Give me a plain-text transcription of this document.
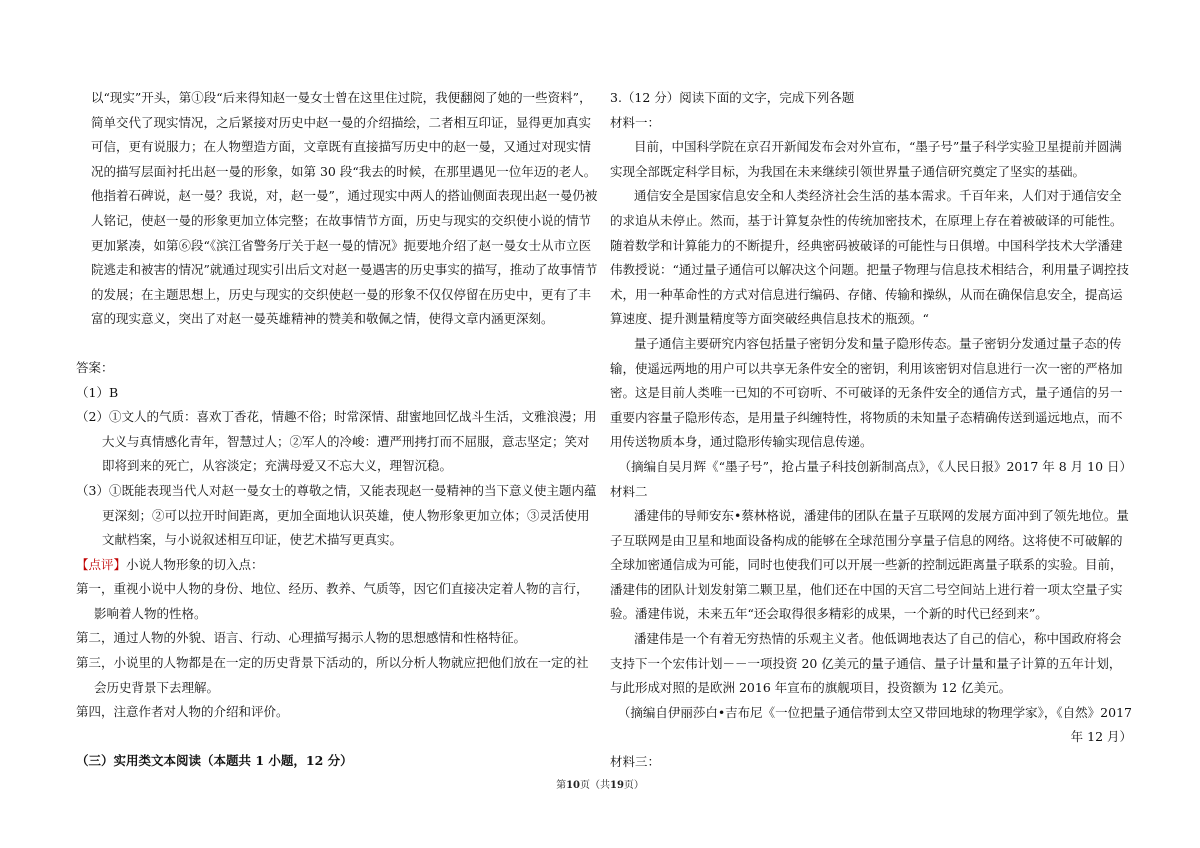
以“现实”开头，第①段“后来得知赵一曼女士曾在这里住过院，我便翻阅了她的一些资料”，简单交代了现实情况，之后紧接对历史中赵一曼的介绍描绘，二者相互印证，显得更加真实可信，更有说服力；在人物塑造方面，文章既有直接描写历史中的赵一曼，又通过对现实情况的描写层面衬托出赵一曼的形象，如第 30 段“我去的时候，在那里遇见一位年迈的老人。他指着石碑说，赵一曼？我说，对，赵一曼”，通过现实中两人的搭讪侧面表现出赵一曼仍被人铭记，使赵一曼的形象更加立体完整；在故事情节方面，历史与现实的交织使小说的情节更加紧凑，如第⑥段“《滨江省警务厅关于赵一曼的情况》扼要地介绍了赵一曼女士从市立医院逃走和被害的情况”就通过现实引出后文对赵一曼遇害的历史事实的描写，推动了故事情节的发展；在主题思想上，历史与现实的交织使赵一曼的形象不仅仅停留在历史中，更有了丰富的现实意义，突出了对赵一曼英雄精神的赞美和敬佩之情，使得文章内涵更深刻。

答案：

（1）B

（2）①文人的气质：喜欢丁香花，情趣不俗；时常深情、甜蜜地回忆战斗生活，文雅浪漫；用大义与真情感化青年，智慧过人；②军人的冷峻：遭严刑拷打而不屈服，意志坚定；笑对即将到来的死亡，从容淡定；充满母爱又不忘大义，理智沉稳。

（3）①既能表现当代人对赵一曼女士的尊敬之情，又能表现赵一曼精神的当下意义使主题内蕴更深刻；②可以拉开时间距离，更加全面地认识英雄，使人物形象更加立体；③灵活使用文献档案，与小说叙述相互印证，使艺术描写更真实。

【点评】小说人物形象的切入点：

第一，重视小说中人物的身份、地位、经历、教养、气质等，因它们直接决定着人物的言行，影响着人物的性格。

第二，通过人物的外貌、语言、行动、心理描写揭示人物的思想感情和性格特征。

第三，小说里的人物都是在一定的历史背景下活动的，所以分析人物就应把他们放在一定的社会历史背景下去理解。

第四，注意作者对人物的介绍和评价。

（三）实用类文本阅读（本题共 1 小题，12 分）

3.（12 分）阅读下面的文字，完成下列各题

材料一：

目前，中国科学院在京召开新闻发布会对外宣布，“墨子号”量子科学实验卫星提前并圆满实现全部既定科学目标，为我国在未来继续引领世界量子通信研究奠定了坚实的基础。

通信安全是国家信息安全和人类经济社会生活的基本需求。千百年来，人们对于通信安全的求追从未停止。然而，基于计算复杂性的传统加密技术，在原理上存在着被破译的可能性。随着数学和计算能力的不断提升，经典密码被破译的可能性与日俱增。中国科学技术大学潘建伟教授说：“通过量子通信可以解决这个问题。把量子物理与信息技术相结合，利用量子调控技术，用一种革命性的方式对信息进行编码、存储、传输和操纵，从而在确保信息安全，提高运算速度、提升测量精度等方面突破经典信息技术的瓶颈。“

量子通信主要研究内容包括量子密钥分发和量子隐形传态。量子密钥分发通过量子态的传输，使遥远两地的用户可以共享无条件安全的密钥，利用该密钥对信息进行一次一密的严格加密。这是目前人类唯一已知的不可窃听、不可破译的无条件安全的通信方式，量子通信的另一重要内容量子隐形传态，是用量子纠缠特性，将物质的未知量子态精确传送到遥远地点，而不用传送物质本身，通过隐形传输实现信息传递。

（摘编自吴月辉《“墨子号”，抢占量子科技创新制高点》，《人民日报》2017 年 8 月 10 日）

材料二

潘建伟的导师安东•蔡林格说，潘建伟的团队在量子互联网的发展方面冲到了领先地位。量子互联网是由卫星和地面设备构成的能够在全球范围分享量子信息的网络。这将使不可破解的全球加密通信成为可能，同时也使我们可以开展一些新的控制远距离量子联系的实验。目前，潘建伟的团队计划发射第二颗卫星，他们还在中国的天宫二号空间站上进行着一项太空量子实验。潘建伟说，未来五年“还会取得很多精彩的成果，一个新的时代已经到来”。

潘建伟是一个有着无穷热情的乐观主义者。他低调地表达了自己的信心，称中国政府将会支持下一个宏伟计划－－一项投资 20 亿美元的量子通信、量子计量和量子计算的五年计划，与此形成对照的是欧洲 2016 年宣布的旗舰项目，投资额为 12 亿美元。

（摘编自伊丽莎白•吉布尼《一位把量子通信带到太空又带回地球的物理学家》，《自然》2017 年 12 月）

材料三：

第10页（共19页）
